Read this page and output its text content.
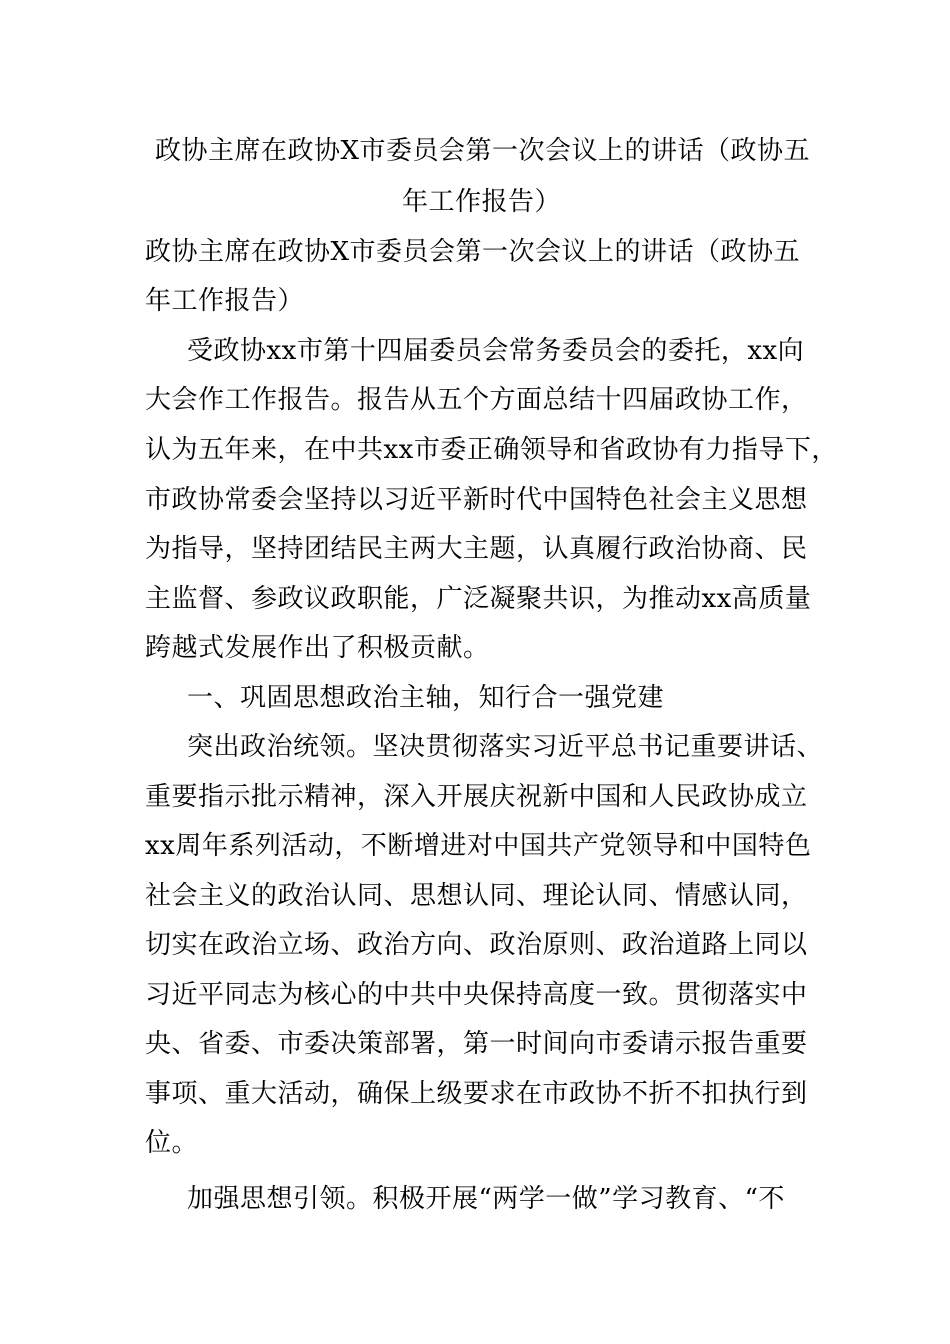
政协主席在政协X市委员会第一次会议上的讲话（政协五
年工作报告）
政协主席在政协X市委员会第一次会议上的讲话（政协五
年工作报告）
受政协xx市第十四届委员会常务委员会的委托，xx向
大会作工作报告。报告从五个方面总结十四届政协工作，
认为五年来，在中共xx市委正确领导和省政协有力指导下，
市政协常委会坚持以习近平新时代中国特色社会主义思想
为指导，坚持团结民主两大主题，认真履行政治协商、民
主监督、参政议政职能，广泛凝聚共识，为推动xx高质量
跨越式发展作出了积极贡献。
一、巩固思想政治主轴，知行合一强党建
突出政治统领。坚决贯彻落实习近平总书记重要讲话、
重要指示批示精神，深入开展庆祝新中国和人民政协成立
xx周年系列活动，不断增进对中国共产党领导和中国特色
社会主义的政治认同、思想认同、理论认同、情感认同，
切实在政治立场、政治方向、政治原则、政治道路上同以
习近平同志为核心的中共中央保持高度一致。贯彻落实中
央、省委、市委决策部署，第一时间向市委请示报告重要
事项、重大活动，确保上级要求在市政协不折不扣执行到
位。
加强思想引领。积极开展“两学一做”学习教育、“不
